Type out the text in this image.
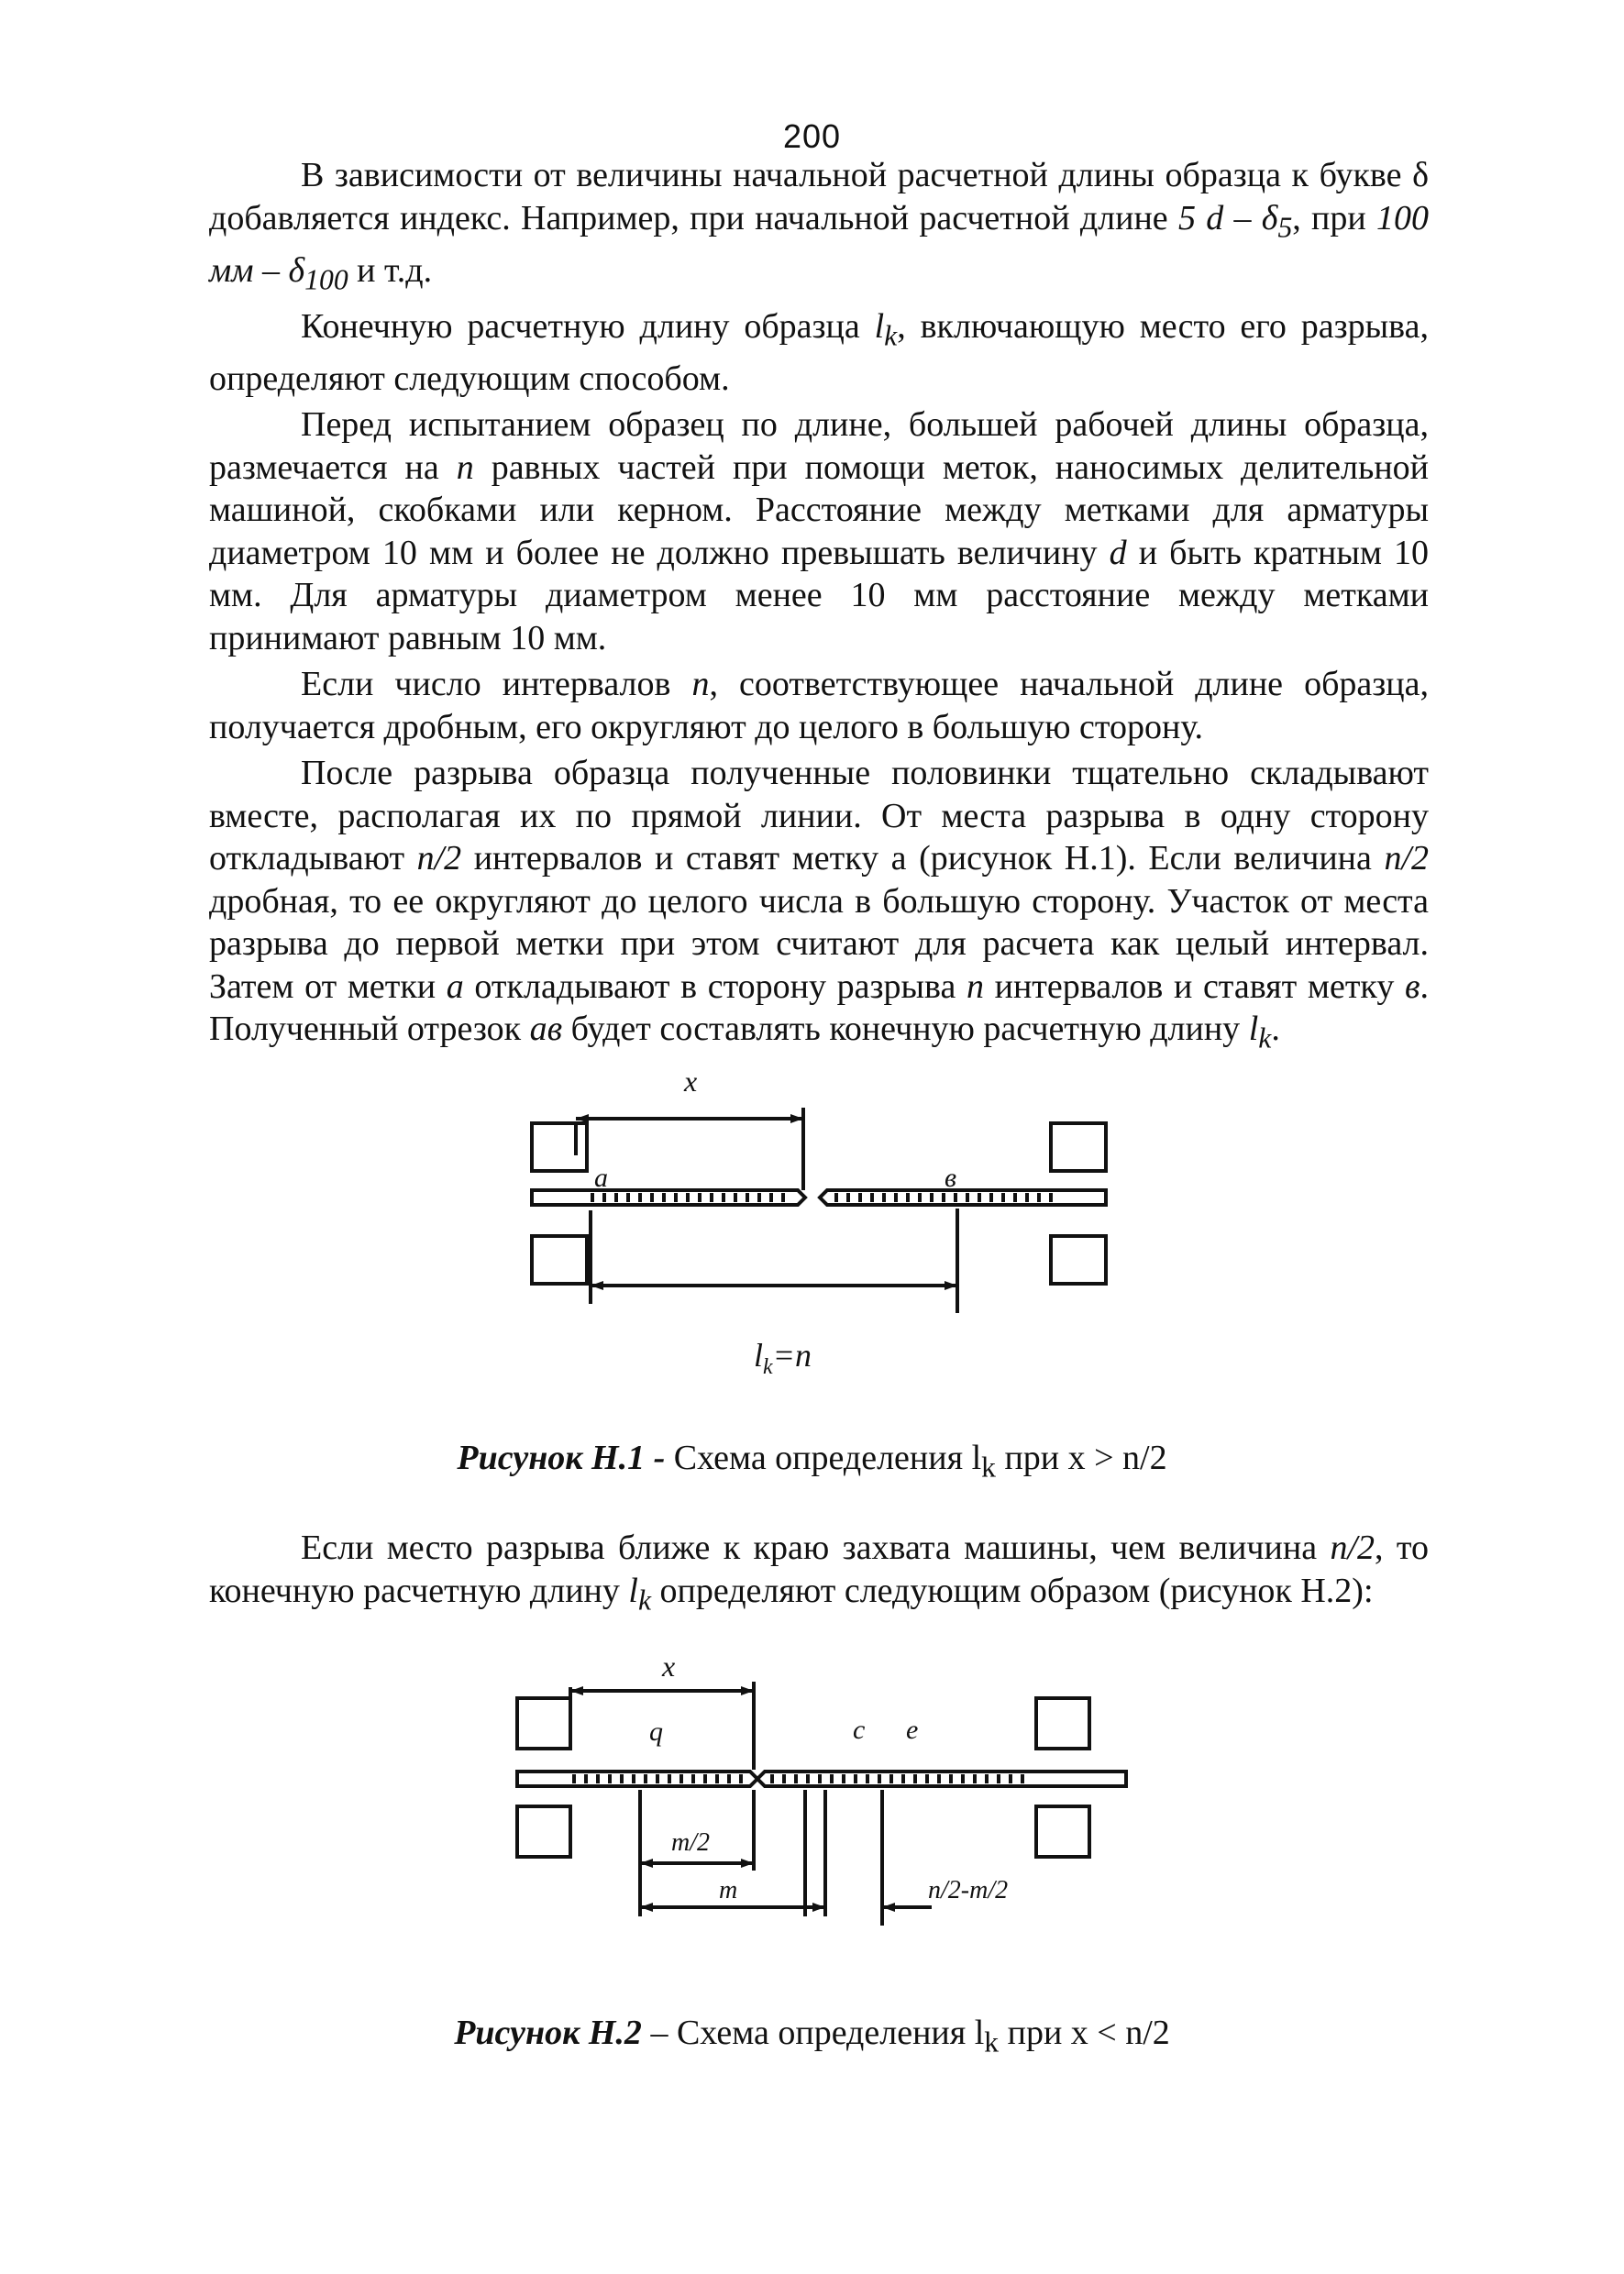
200

В зависимости от величины начальной расчетной длины образца к букве δ добавляется индекс. Например, при начальной расчетной длине 5 d – $\delta_5$, при 100 мм – $\delta_{100}$ и т.д.

Конечную расчетную длину образца $l_k$, включающую место его разрыва, определяют следующим способом.

Перед испытанием образец по длине, большей рабочей длины образца, размечается на n равных частей при помощи меток, наносимых делительной машиной, скобками или керном. Расстояние между метками для арматуры диаметром 10 мм и более не должно превышать величину d и быть кратным 10 мм. Для арматуры диаметром менее 10 мм расстояние между метками принимают равным 10 мм.

Если число интервалов n, соответствующее начальной длине образца, получается дробным, его округляют до целого в большую сторону.

После разрыва образца полученные половинки тщательно складывают вместе, располагая их по прямой линии. От места разрыва в одну сторону откладывают n/2 интервалов и ставят метку а (рисунок Н.1). Если величина n/2 дробная, то ее округляют до целого числа в большую сторону. Участок от места разрыва до первой метки при этом считают для расчета как целый интервал. Затем от метки а откладывают в сторону разрыва n интервалов и ставят метку в. Полученный отрезок ав будет составлять конечную расчетную длину $l_k$.

x
a	в
$l_k=n$
Рисунок Н.1 - Схема определения $l_k$ при x > n/2

Если место разрыва ближе к краю захвата машины, чем величина n/2, то конечную расчетную длину $l_k$ определяют следующим образом (рисунок Н.2):

x
q	c e
m/2
m	n/2-m/2
Рисунок Н.2 – Схема определения $l_k$ при x < n/2
